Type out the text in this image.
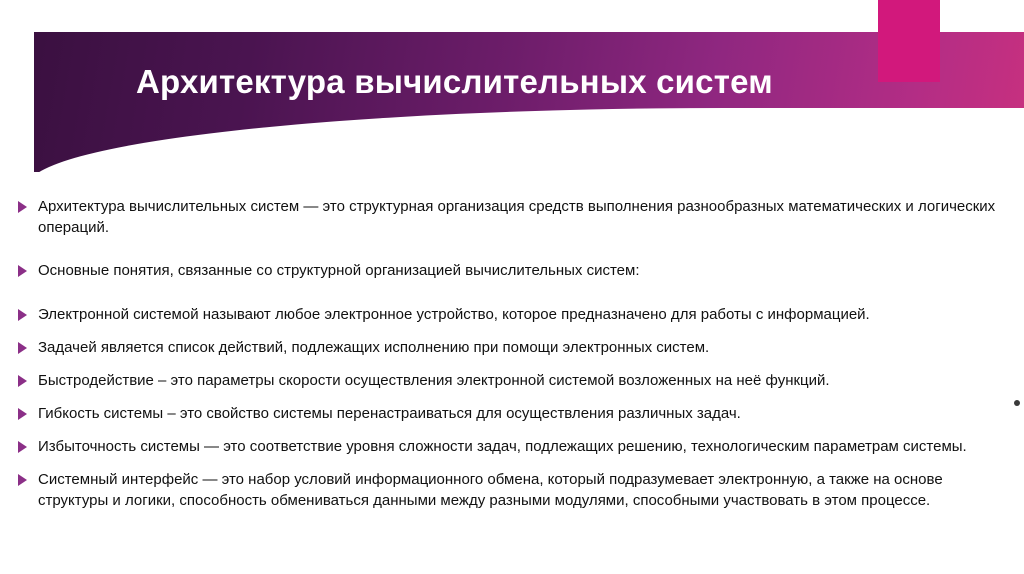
Архитектура вычислительных систем
Архитектура вычислительных систем — это структурная организация средств выполнения разнообразных математических и логических операций.
Основные понятия, связанные со структурной организацией вычислительных систем:
Электронной системой называют любое электронное устройство, которое предназначено для работы с информацией.
Задачей является список действий, подлежащих исполнению при помощи электронных систем.
Быстродействие – это параметры скорости осуществления электронной системой возложенных на неё функций.
Гибкость системы – это свойство системы перенастраиваться для осуществления различных задач.
Избыточность системы — это соответствие уровня сложности задач, подлежащих решению, технологическим параметрам системы.
Системный интерфейс — это набор условий информационного обмена, который подразумевает электронную, а также на основе структуры и логики, способность обмениваться данными между разными модулями, способными участвовать в этом процессе.
